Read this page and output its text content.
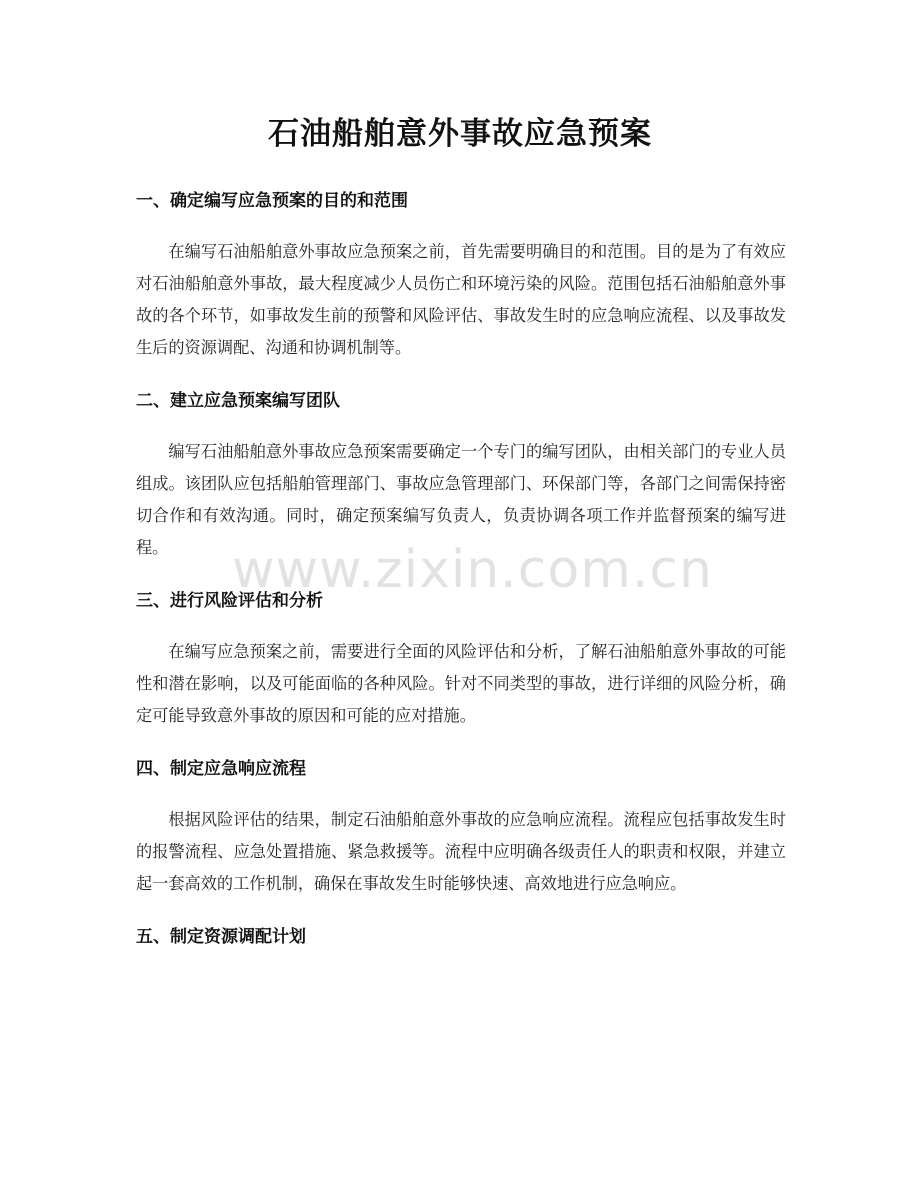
石油船舶意外事故应急预案
一、确定编写应急预案的目的和范围

在编写石油船舶意外事故应急预案之前，首先需要明确目的和范围。目的是为了有效应对石油船舶意外事故，最大程度减少人员伤亡和环境污染的风险。范围包括石油船舶意外事故的各个环节，如事故发生前的预警和风险评估、事故发生时的应急响应流程、以及事故发生后的资源调配、沟通和协调机制等。

二、建立应急预案编写团队

编写石油船舶意外事故应急预案需要确定一个专门的编写团队，由相关部门的专业人员组成。该团队应包括船舶管理部门、事故应急管理部门、环保部门等，各部门之间需保持密切合作和有效沟通。同时，确定预案编写负责人，负责协调各项工作并监督预案的编写进程。

三、进行风险评估和分析

在编写应急预案之前，需要进行全面的风险评估和分析，了解石油船舶意外事故的可能性和潜在影响，以及可能面临的各种风险。针对不同类型的事故，进行详细的风险分析，确定可能导致意外事故的原因和可能的应对措施。

四、制定应急响应流程

根据风险评估的结果，制定石油船舶意外事故的应急响应流程。流程应包括事故发生时的报警流程、应急处置措施、紧急救援等。流程中应明确各级责任人的职责和权限，并建立起一套高效的工作机制，确保在事故发生时能够快速、高效地进行应急响应。

五、制定资源调配计划
www.zixin.com.cn
